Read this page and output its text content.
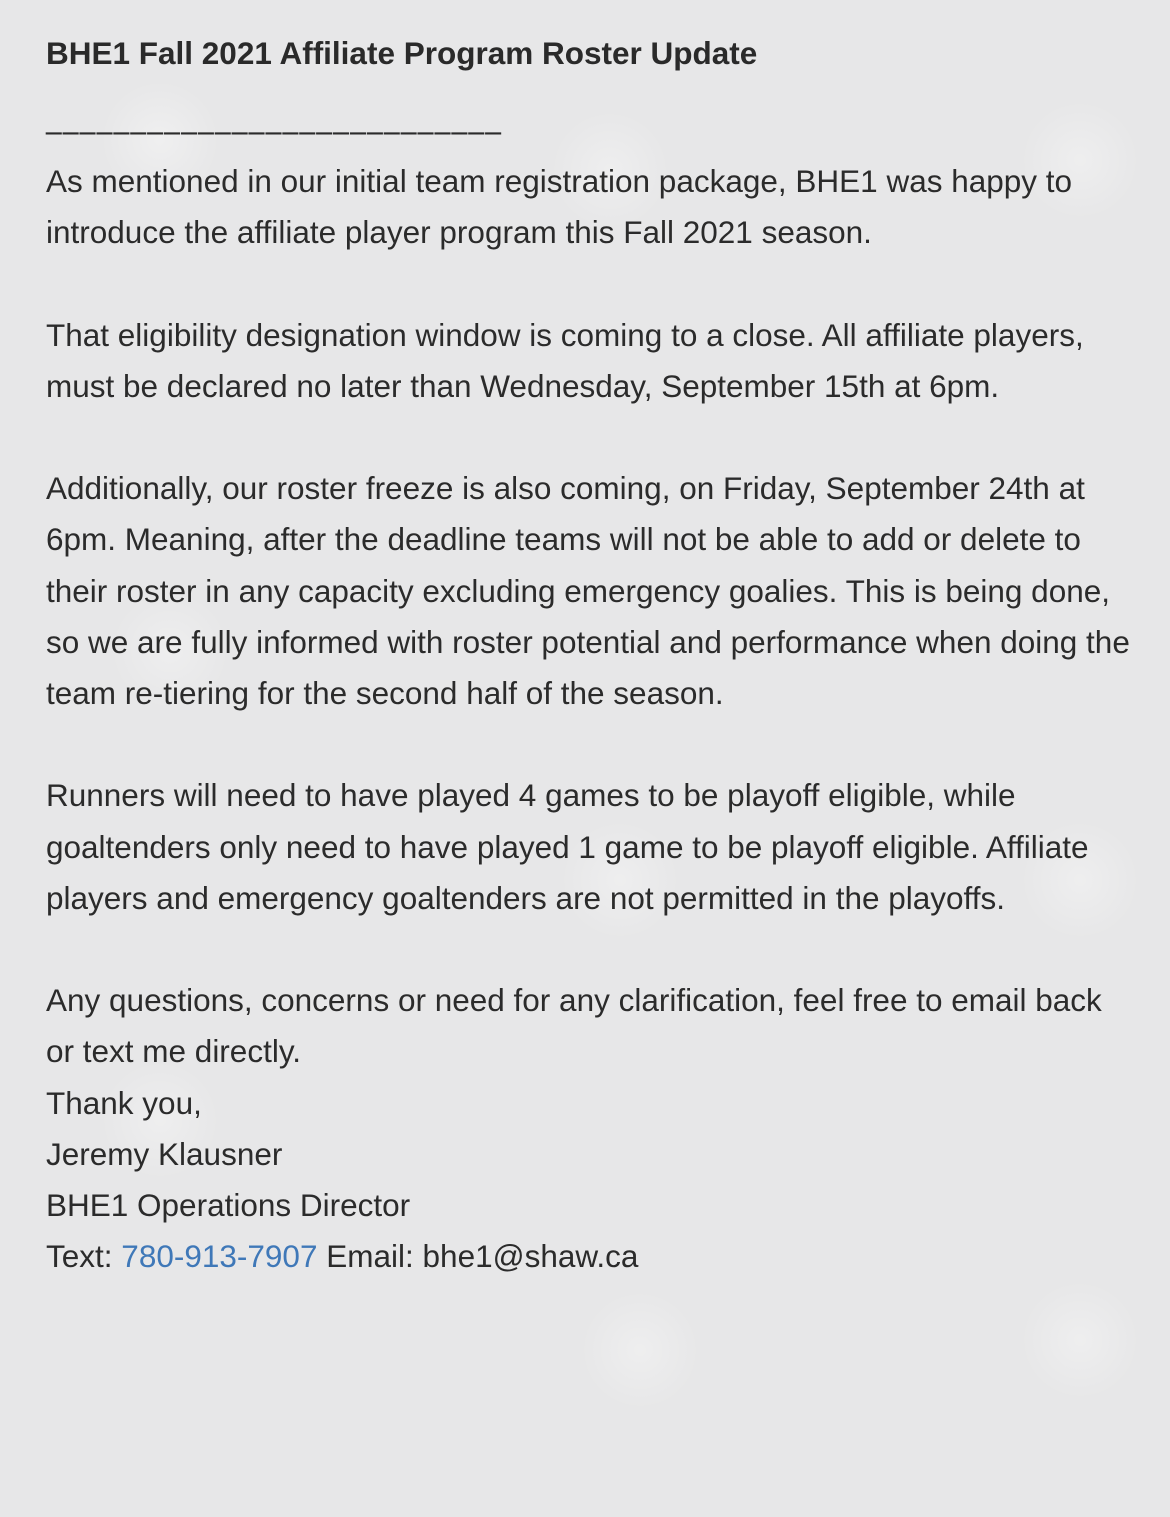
BHE1 Fall 2021 Affiliate Program Roster Update

___________________________

As mentioned in our initial team registration package, BHE1 was happy to introduce the affiliate player program this Fall 2021 season.

That eligibility designation window is coming to a close. All affiliate players, must be declared no later than Wednesday, September 15th at 6pm.

Additionally, our roster freeze is also coming, on Friday, September 24th at 6pm. Meaning, after the deadline teams will not be able to add or delete to their roster in any capacity excluding emergency goalies. This is being done, so we are fully informed with roster potential and performance when doing the team re-tiering for the second half of the season.

Runners will need to have played 4 games to be playoff eligible, while goaltenders only need to have played 1 game to be playoff eligible. Affiliate players and emergency goaltenders are not permitted in the playoffs.

Any questions, concerns or need for any clarification, feel free to email back or text me directly.

Thank you,

Jeremy Klausner

BHE1 Operations Director

Text: 780-913-7907 Email: bhe1@shaw.ca
